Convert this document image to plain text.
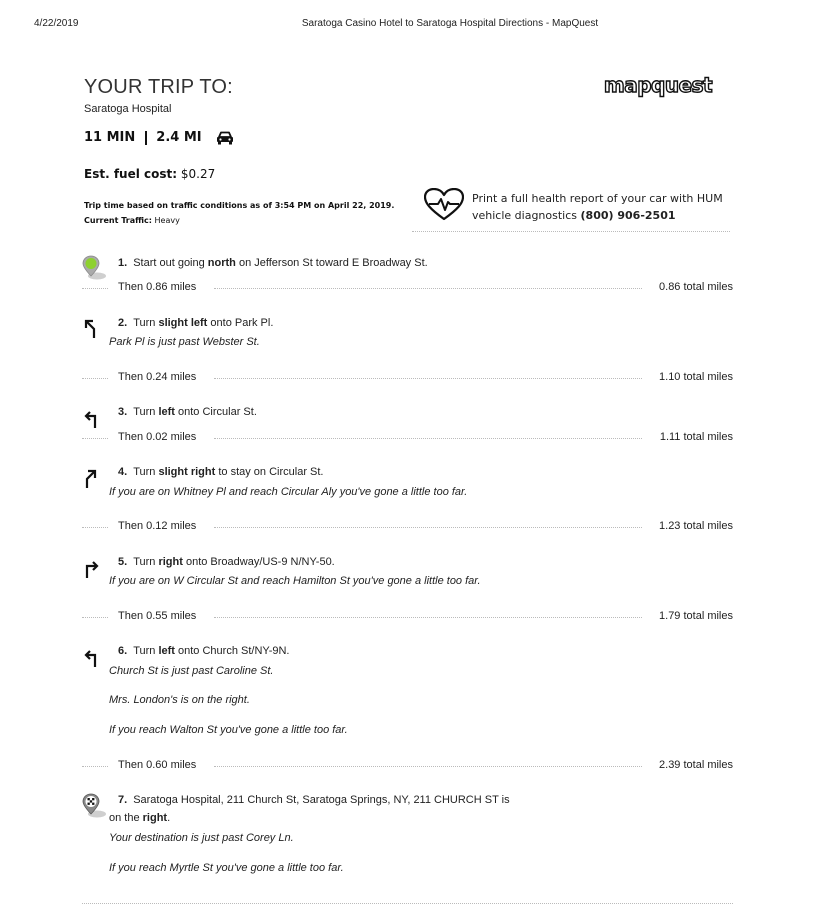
4/22/2019	Saratoga Casino Hotel to Saratoga Hospital Directions - MapQuest
YOUR TRIP TO:
Saratoga Hospital
mapquest
11 MIN 2.4 MI
Est. fuel cost: $0.27
Trip time based on traffic conditions as of 3:54 PM on April 22, 2019. Current Traffic: Heavy
Print a full health report of your car with HUM vehicle diagnostics (800) 906-2501
1. Start out going north on Jefferson St toward E Broadway St.
Then 0.86 miles	0.86 total miles
2. Turn slight left onto Park Pl.
Park Pl is just past Webster St.
Then 0.24 miles	1.10 total miles
3. Turn left onto Circular St.
Then 0.02 miles	1.11 total miles
4. Turn slight right to stay on Circular St.
If you are on Whitney Pl and reach Circular Aly you've gone a little too far.
Then 0.12 miles	1.23 total miles
5. Turn right onto Broadway/US-9 N/NY-50.
If you are on W Circular St and reach Hamilton St you've gone a little too far.
Then 0.55 miles	1.79 total miles
6. Turn left onto Church St/NY-9N.
Church St is just past Caroline St.
Mrs. London's is on the right.
If you reach Walton St you've gone a little too far.
Then 0.60 miles	2.39 total miles
7. Saratoga Hospital, 211 Church St, Saratoga Springs, NY, 211 CHURCH ST is
on the right.
Your destination is just past Corey Ln.
If you reach Myrtle St you've gone a little too far.
